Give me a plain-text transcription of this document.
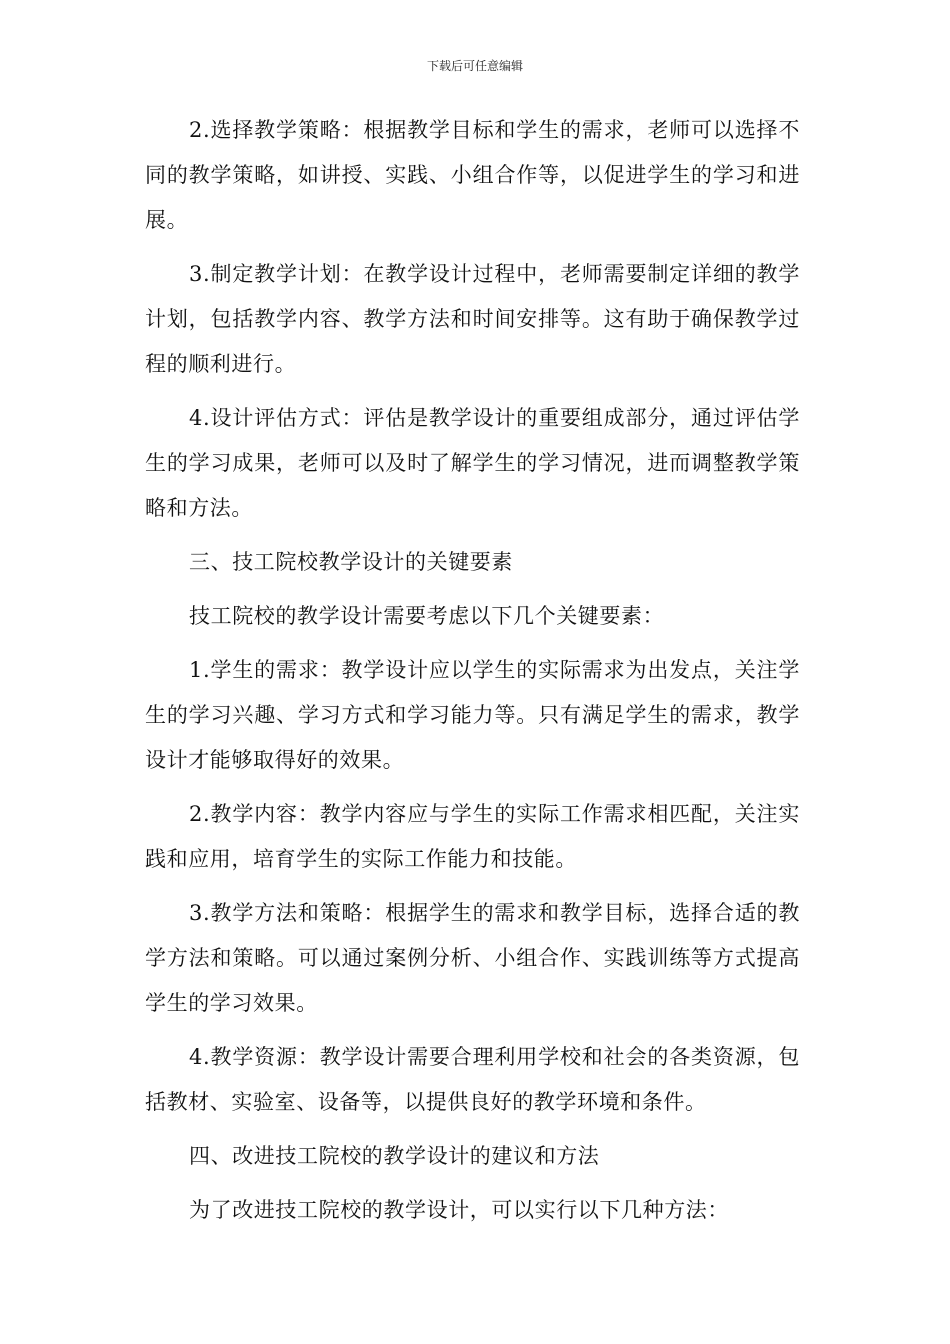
下载后可任意编辑

2.选择教学策略：根据教学目标和学生的需求，老师可以选择不同的教学策略，如讲授、实践、小组合作等，以促进学生的学习和进展。

3.制定教学计划：在教学设计过程中，老师需要制定详细的教学计划，包括教学内容、教学方法和时间安排等。这有助于确保教学过程的顺利进行。

4.设计评估方式：评估是教学设计的重要组成部分，通过评估学生的学习成果，老师可以及时了解学生的学习情况，进而调整教学策略和方法。

三、技工院校教学设计的关键要素

技工院校的教学设计需要考虑以下几个关键要素：

1.学生的需求：教学设计应以学生的实际需求为出发点，关注学生的学习兴趣、学习方式和学习能力等。只有满足学生的需求，教学设计才能够取得好的效果。

2.教学内容：教学内容应与学生的实际工作需求相匹配，关注实践和应用，培育学生的实际工作能力和技能。

3.教学方法和策略：根据学生的需求和教学目标，选择合适的教学方法和策略。可以通过案例分析、小组合作、实践训练等方式提高学生的学习效果。

4.教学资源：教学设计需要合理利用学校和社会的各类资源，包括教材、实验室、设备等，以提供良好的教学环境和条件。

四、改进技工院校的教学设计的建议和方法

为了改进技工院校的教学设计，可以实行以下几种方法：
